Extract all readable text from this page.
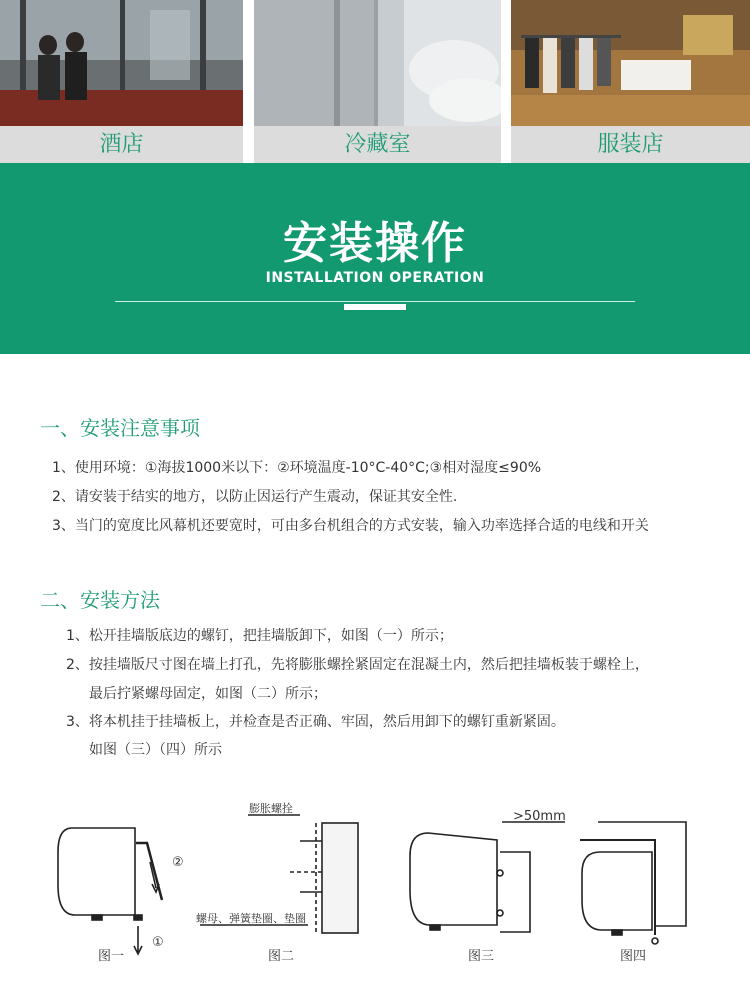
酒店	冷藏室	服装店
安装操作
INSTALLATION OPERATION
一、安装注意事项
1、使用环境：①海拔1000米以下：②环境温度-10°C-40°C;③相对湿度≤90%
2、请安装于结实的地方，以防止因运行产生震动，保证其安全性.
3、当门的宽度比风幕机还要宽时，可由多台机组合的方式安装，输入功率选择合适的电线和开关
二、安装方法
1、松开挂墙版底边的螺钉，把挂墙版卸下，如图（一）所示；
2、按挂墙版尺寸图在墙上打孔，先将膨胀螺拴紧固定在混凝土内，然后把挂墙板装于螺栓上，
最后拧紧螺母固定，如图（二）所示；
3、将本机挂于挂墙板上，并检查是否正确、牢固，然后用卸下的螺钉重新紧固。
如图（三）（四）所示
②
①
膨胀螺拴
螺母、弹簧垫圈、垫圈
>50mm
图一	图二	图三	图四
